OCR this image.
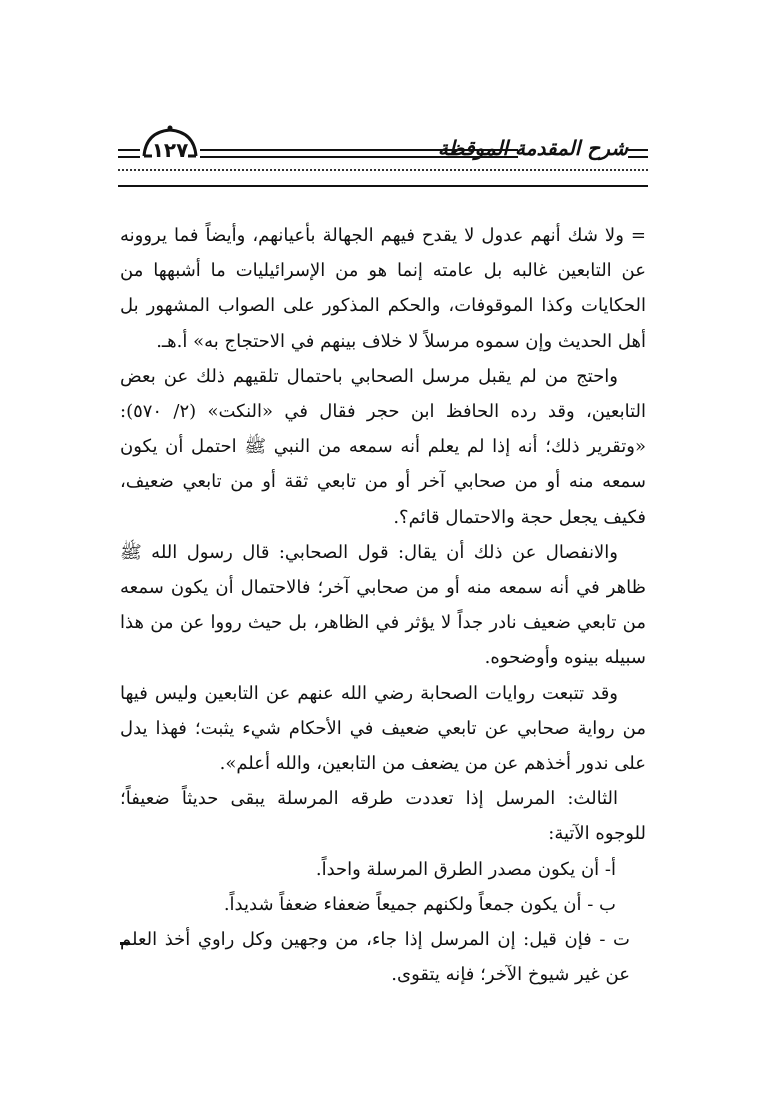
١٢٧	شرح المقدمة الموقظة

= ولا شك أنهم عدول لا يقدح فيهم الجهالة بأعيانهم، وأيضاً فما يروونه عن التابعين غالبه بل عامته إنما هو من الإسرائيليات ما أشبهها من الحكايات وكذا الموقوفات، والحكم المذكور على الصواب المشهور بل أهل الحديث وإن سموه مرسلاً لا خلاف بينهم في الاحتجاج به» أ.هـ.

واحتج من لم يقبل مرسل الصحابي باحتمال تلقيهم ذلك عن بعض التابعين، وقد رده الحافظ ابن حجر فقال في «النكت» (٢/ ٥٧٠): «وتقرير ذلك؛ أنه إذا لم يعلم أنه سمعه من النبي ﷺ احتمل أن يكون سمعه منه أو من صحابي آخر أو من تابعي ثقة أو من تابعي ضعيف، فكيف يجعل حجة والاحتمال قائم؟.

والانفصال عن ذلك أن يقال: قول الصحابي: قال رسول الله ﷺ ظاهر في أنه سمعه منه أو من صحابي آخر؛ فالاحتمال أن يكون سمعه من تابعي ضعيف نادر جداً لا يؤثر في الظاهر، بل حيث رووا عن من هذا سبيله بينوه وأوضحوه.

وقد تتبعت روايات الصحابة رضي الله عنهم عن التابعين وليس فيها من رواية صحابي عن تابعي ضعيف في الأحكام شيء يثبت؛ فهذا يدل على ندور أخذهم عن من يضعف من التابعين، والله أعلم».

الثالث: المرسل إذا تعددت طرقه المرسلة يبقى حديثاً ضعيفاً؛ للوجوه الآتية:

أ- أن يكون مصدر الطرق المرسلة واحداً.

ب - أن يكون جمعاً ولكنهم جميعاً ضعفاء ضعفاً شديداً.

ت - فإن قيل: إن المرسل إذا جاء، من وجهين وكل راوي أخذ العلم عن غير شيوخ الآخر؛ فإنه يتقوى.
